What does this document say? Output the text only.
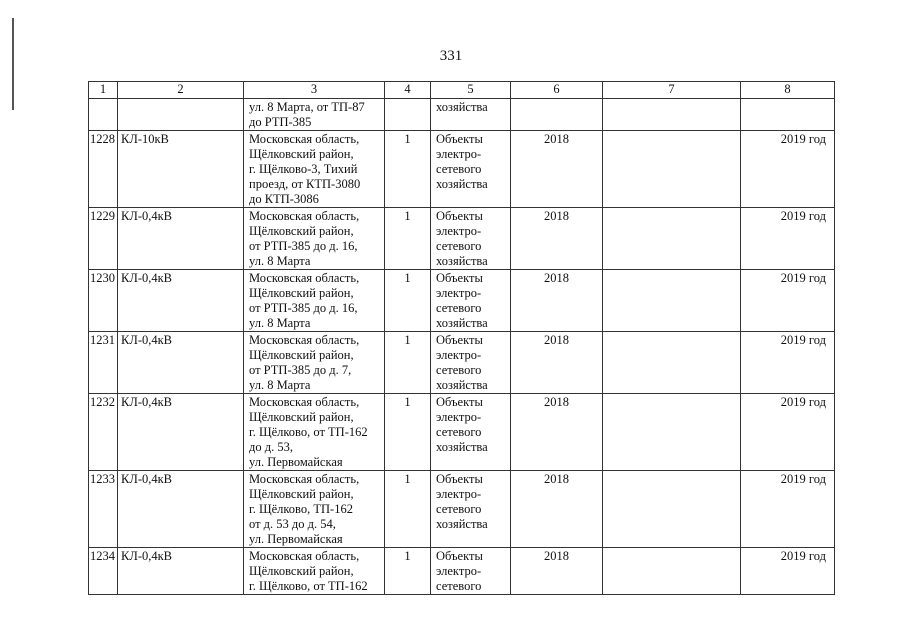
331
1	2	3	4	5	6	7	8
		ул. 8 Марта, от ТП-87
до РТП-385		хозяйства			
1228	КЛ-10кВ	Московская область,
Щёлковский район,
г. Щёлково-3, Тихий
проезд, от КТП-3080
до КТП-3086	1	Объекты
электро-
сетевого
хозяйства	2018		2019 год
1229	КЛ-0,4кВ	Московская область,
Щёлковский район,
от РТП-385 до д. 16,
ул. 8 Марта	1	Объекты
электро-
сетевого
хозяйства	2018		2019 год
1230	КЛ-0,4кВ	Московская область,
Щёлковский район,
от РТП-385 до д. 16,
ул. 8 Марта	1	Объекты
электро-
сетевого
хозяйства	2018		2019 год
1231	КЛ-0,4кВ	Московская область,
Щёлковский район,
от РТП-385 до д. 7,
ул. 8 Марта	1	Объекты
электро-
сетевого
хозяйства	2018		2019 год
1232	КЛ-0,4кВ	Московская область,
Щёлковский район,
г. Щёлково, от ТП-162
до д. 53,
ул. Первомайская	1	Объекты
электро-
сетевого
хозяйства	2018		2019 год
1233	КЛ-0,4кВ	Московская область,
Щёлковский район,
г. Щёлково, ТП-162
от д. 53 до д. 54,
ул. Первомайская	1	Объекты
электро-
сетевого
хозяйства	2018		2019 год
1234	КЛ-0,4кВ	Московская область,
Щёлковский район,
г. Щёлково, от ТП-162	1	Объекты
электро-
сетевого	2018		2019 год
